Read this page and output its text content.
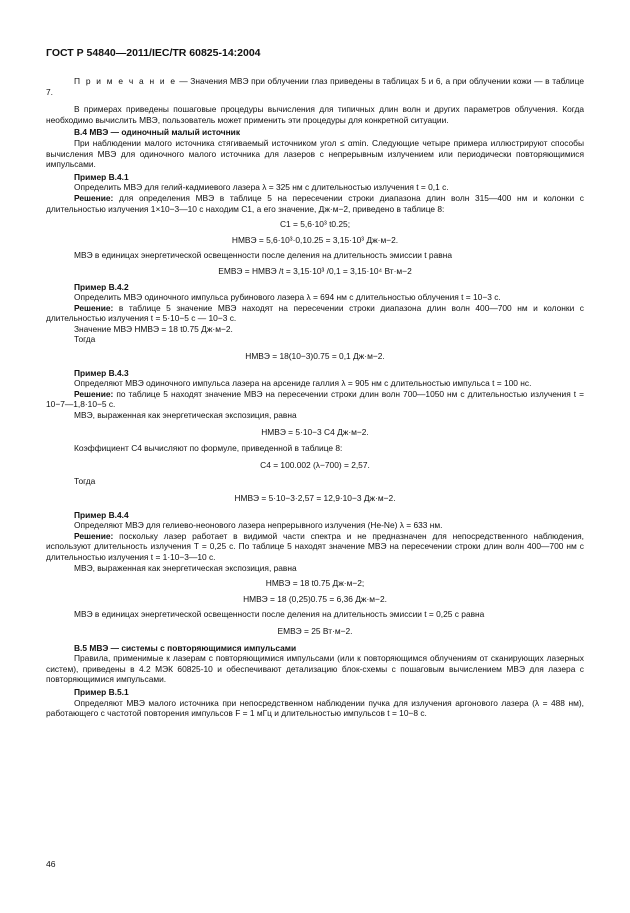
ГОСТ Р 54840—2011/IEC/TR 60825-14:2004

П р и м е ч а н и е — Значения МВЭ при облучении глаз приведены в таблицах 5 и 6, а при облучении кожи — в таблице 7.

В примерах приведены пошаговые процедуры вычисления для типичных длин волн и других параметров облучения. Когда необходимо вычислить МВЭ, пользователь может применить эти процедуры для конкретной ситуации.

В.4 МВЭ — одиночный малый источник

При наблюдении малого источника стягиваемый источником угол ≤ αmin. Следующие четыре примера иллюстрируют способы вычисления МВЭ для одиночного малого источника для лазеров с непрерывным излучением или периодически повторяющимися импульсами.

Пример В.4.1

Определить МВЭ для гелий-кадмиевого лазера λ = 325 нм с длительностью излучения t = 0,1 с.

Решение: для определения МВЭ в таблице 5 на пересечении строки диапазона длин волн 315—400 нм и колонки с длительностью излучения 1×10−3—10 с находим C1, а его значение, Дж·м−2, приведено в таблице 8:

C1 = 5,6·10³ t0.25;

HМВЭ = 5,6·10³·0,10.25 = 3,15·10³ Дж·м−2.

МВЭ в единицах энергетической освещенности после деления на длительность эмиссии t равна

EМВЭ = HМВЭ /t = 3,15·10³ /0,1 = 3,15·10⁴ Вт·м−2

Пример В.4.2

Определить МВЭ одиночного импульса рубинового лазера λ = 694 нм с длительностью облучения t = 10−3 с.

Решение: в таблице 5 значение МВЭ находят на пересечении строки диапазона длин волн 400—700 нм и колонки с длительностью излучения t = 5·10−5 с — 10−3 с.

Значение МВЭ HМВЭ = 18 t0.75 Дж·м−2.

Тогда

HМВЭ = 18(10−3)0.75 = 0,1 Дж·м−2.

Пример В.4.3

Определяют МВЭ одиночного импульса лазера на арсениде галлия λ = 905 нм с длительностью импульса t = 100 нс.

Решение: по таблице 5 находят значение МВЭ на пересечении строки длин волн 700—1050 нм с длительностью излучения t = 10−7—1,8·10−5 с.

МВЭ, выраженная как энергетическая экспозиция, равна

HМВЭ = 5·10−3 C4 Дж·м−2.

Коэффициент C4 вычисляют по формуле, приведенной в таблице 8:

C4 = 100.002 (λ−700) = 2,57.

Тогда

HМВЭ = 5·10−3·2,57 = 12,9·10−3 Дж·м−2.

Пример В.4.4

Определяют МВЭ для гелиево-неонового лазера непрерывного излучения (He-Ne) λ = 633 нм.

Решение: поскольку лазер работает в видимой части спектра и не предназначен для непосредственного наблюдения, используют длительность излучения T = 0,25 с. По таблице 5 находят значение МВЭ на пересечении строки длин волн 400—700 нм с длительностью излучения t = 1·10−3—10 с.

МВЭ, выраженная как энергетическая экспозиция, равна

HМВЭ = 18 t0.75 Дж·м−2;

HМВЭ = 18 (0,25)0.75 = 6,36 Дж·м−2.

МВЭ в единицах энергетической освещенности после деления на длительность эмиссии t = 0,25 с равна

EМВЭ = 25 Вт·м−2.

В.5 МВЭ — системы с повторяющимися импульсами

Правила, применимые к лазерам с повторяющимися импульсами (или к повторяющимся облучениям от сканирующих лазерных систем), приведены в 4.2 МЭК 60825-10 и обеспечивают детализацию блок-схемы с пошаговым вычислением МВЭ для лазера с повторяющимися импульсами.

Пример В.5.1

Определяют МВЭ малого источника при непосредственном наблюдении пучка для излучения аргонового лазера (λ = 488 нм), работающего с частотой повторения импульсов F = 1 мГц и длительностью импульсов t = 10−8 с.

46
